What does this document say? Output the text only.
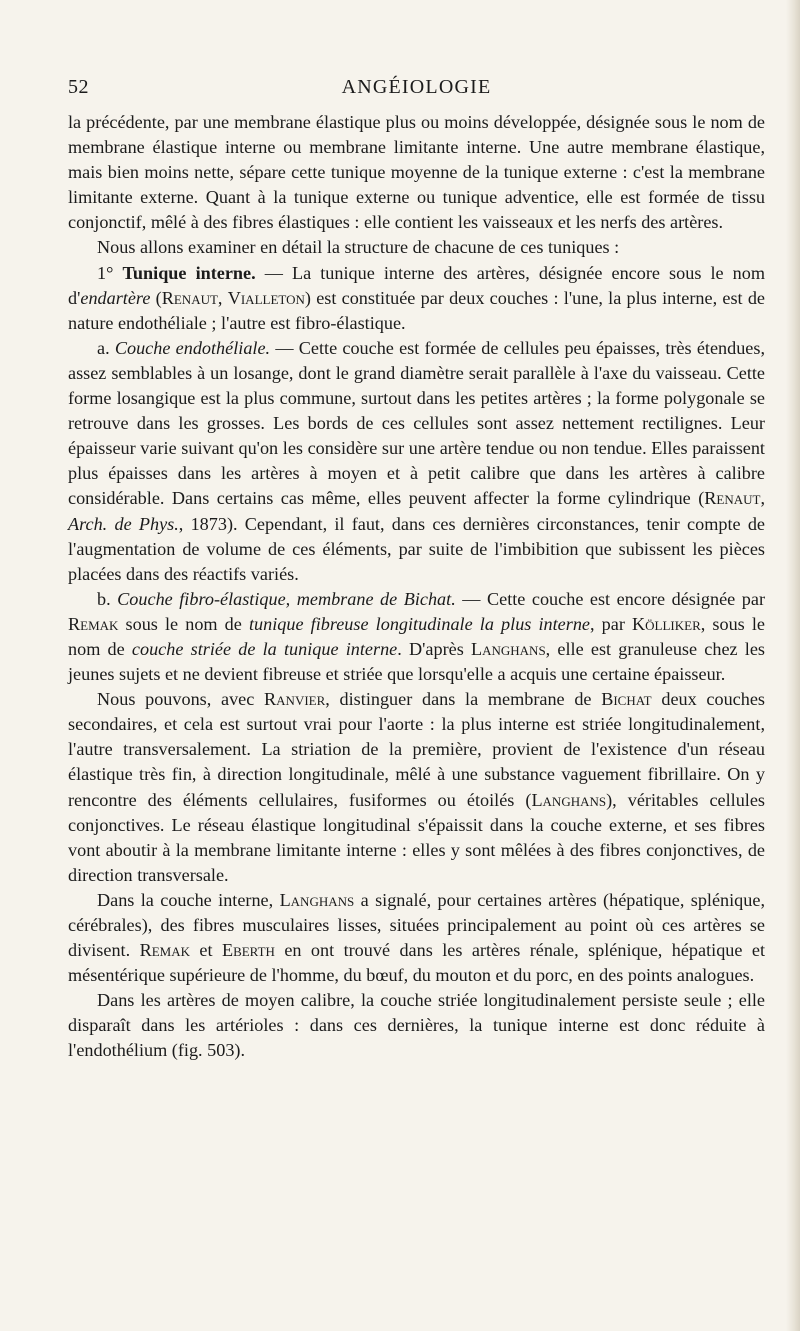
52	ANGÉIOLOGIE

la précédente, par une membrane élastique plus ou moins développée, désignée sous le nom de membrane élastique interne ou membrane limitante interne. Une autre membrane élastique, mais bien moins nette, sépare cette tunique moyenne de la tunique externe : c'est la membrane limitante externe. Quant à la tunique externe ou tunique adventice, elle est formée de tissu conjonctif, mêlé à des fibres élastiques : elle contient les vaisseaux et les nerfs des artères.

Nous allons examiner en détail la structure de chacune de ces tuniques :

1° Tunique interne. — La tunique interne des artères, désignée encore sous le nom d'endartère (Renaut, Vialleton) est constituée par deux couches : l'une, la plus interne, est de nature endothéliale ; l'autre est fibro-élastique.

a. Couche endothéliale. — Cette couche est formée de cellules peu épaisses, très étendues, assez semblables à un losange, dont le grand diamètre serait parallèle à l'axe du vaisseau. Cette forme losangique est la plus commune, surtout dans les petites artères ; la forme polygonale se retrouve dans les grosses. Les bords de ces cellules sont assez nettement rectilignes. Leur épaisseur varie suivant qu'on les considère sur une artère tendue ou non tendue. Elles paraissent plus épaisses dans les artères à moyen et à petit calibre que dans les artères à calibre considérable. Dans certains cas même, elles peuvent affecter la forme cylindrique (Renaut, Arch. de Phys., 1873). Cependant, il faut, dans ces dernières circonstances, tenir compte de l'augmentation de volume de ces éléments, par suite de l'imbibition que subissent les pièces placées dans des réactifs variés.

b. Couche fibro-élastique, membrane de Bichat. — Cette couche est encore désignée par Remak sous le nom de tunique fibreuse longitudinale la plus interne, par Kölliker, sous le nom de couche striée de la tunique interne. D'après Langhans, elle est granuleuse chez les jeunes sujets et ne devient fibreuse et striée que lorsqu'elle a acquis une certaine épaisseur.

Nous pouvons, avec Ranvier, distinguer dans la membrane de Bichat deux couches secondaires, et cela est surtout vrai pour l'aorte : la plus interne est striée longitudinalement, l'autre transversalement. La striation de la première, provient de l'existence d'un réseau élastique très fin, à direction longitudinale, mêlé à une substance vaguement fibrillaire. On y rencontre des éléments cellulaires, fusiformes ou étoilés (Langhans), véritables cellules conjonctives. Le réseau élastique longitudinal s'épaissit dans la couche externe, et ses fibres vont aboutir à la membrane limitante interne : elles y sont mêlées à des fibres conjonctives, de direction transversale.

Dans la couche interne, Langhans a signalé, pour certaines artères (hépatique, splénique, cérébrales), des fibres musculaires lisses, situées principalement au point où ces artères se divisent. Remak et Eberth en ont trouvé dans les artères rénale, splénique, hépatique et mésentérique supérieure de l'homme, du bœuf, du mouton et du porc, en des points analogues.

Dans les artères de moyen calibre, la couche striée longitudinalement persiste seule ; elle disparaît dans les artérioles : dans ces dernières, la tunique interne est donc réduite à l'endothélium (fig. 503).
